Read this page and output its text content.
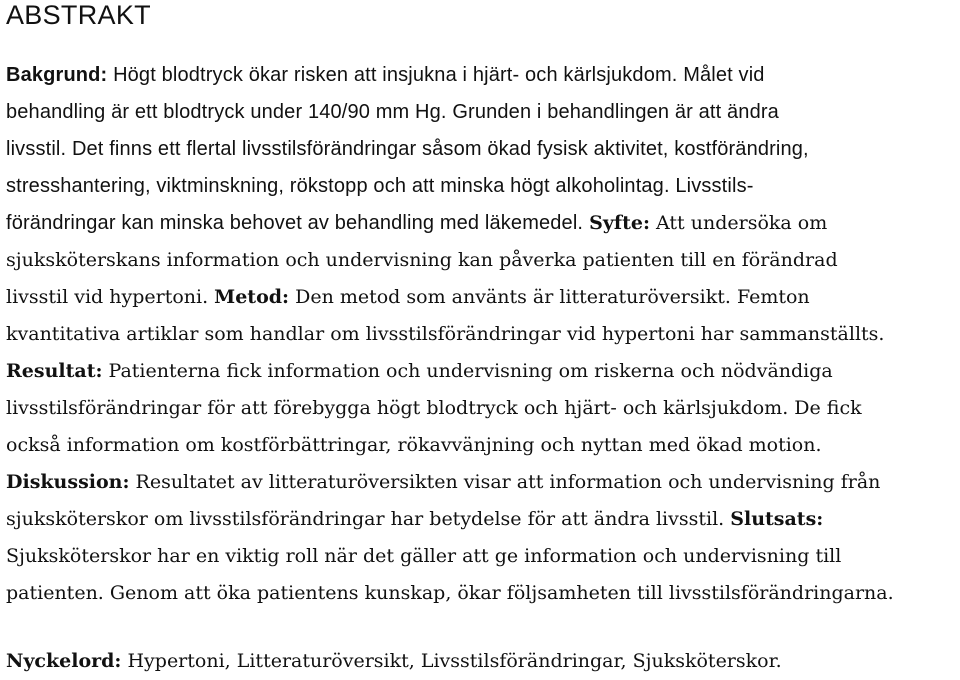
ABSTRAKT

Bakgrund: Högt blodtryck ökar risken att insjukna i hjärt- och kärlsjukdom. Målet vid
behandling är ett blodtryck under 140/90 mm Hg. Grunden i behandlingen är att ändra
livsstil. Det finns ett flertal livsstilsförändringar såsom ökad fysisk aktivitet, kostförändring,
stresshantering, viktminskning, rökstopp och att minska högt alkoholintag. Livsstils-
förändringar kan minska behovet av behandling med läkemedel. Syfte: Att undersöka om
sjuksköterskans information och undervisning kan påverka patienten till en förändrad
livsstil vid hypertoni. Metod: Den metod som använts är litteraturöversikt. Femton
kvantitativa artiklar som handlar om livsstilsförändringar vid hypertoni har sammanställts.
Resultat: Patienterna fick information och undervisning om riskerna och nödvändiga
livsstilsförändringar för att förebygga högt blodtryck och hjärt- och kärlsjukdom. De fick
också information om kostförbättringar, rökavvänjning och nyttan med ökad motion.
Diskussion: Resultatet av litteraturöversikten visar att information och undervisning från
sjuksköterskor om livsstilsförändringar har betydelse för att ändra livsstil. Slutsats:
Sjuksköterskor har en viktig roll när det gäller att ge information och undervisning till
patienten. Genom att öka patientens kunskap, ökar följsamheten till livsstilsförändringarna.

Nyckelord: Hypertoni, Litteraturöversikt, Livsstilsförändringar, Sjuksköterskor.
